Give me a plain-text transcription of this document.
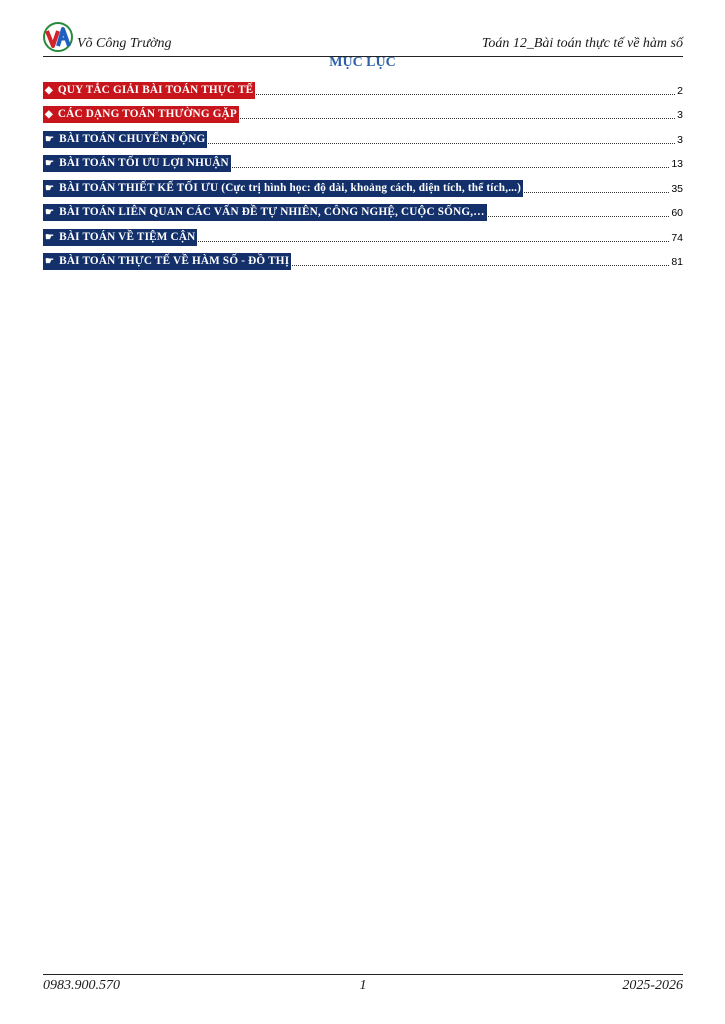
Võ Công Trường	Toán 12_Bài toán thực tế về hàm số
MỤC LỤC
◆ QUY TẮC GIẢI BÀI TOÁN THỰC TẾ	2
◆ CÁC DẠNG TOÁN THƯỜNG GẶP	3
☛ BÀI TOÁN CHUYỂN ĐỘNG	3
☛ BÀI TOÁN TỐI ƯU LỢI NHUẬN	13
☛ BÀI TOÁN THIẾT KẾ TỐI ƯU (Cực trị hình học: độ dài, khoảng cách, diện tích, thể tích,...)	35
☛ BÀI TOÁN LIÊN QUAN CÁC VẤN ĐỀ TỰ NHIÊN, CÔNG NGHỆ, CUỘC SỐNG,…	60
☛ BÀI TOÁN VỀ TIỆM CẬN	74
☛ BÀI TOÁN THỰC TẾ VỀ HÀM SỐ - ĐỒ THỊ	81
0983.900.570	1	2025-2026
